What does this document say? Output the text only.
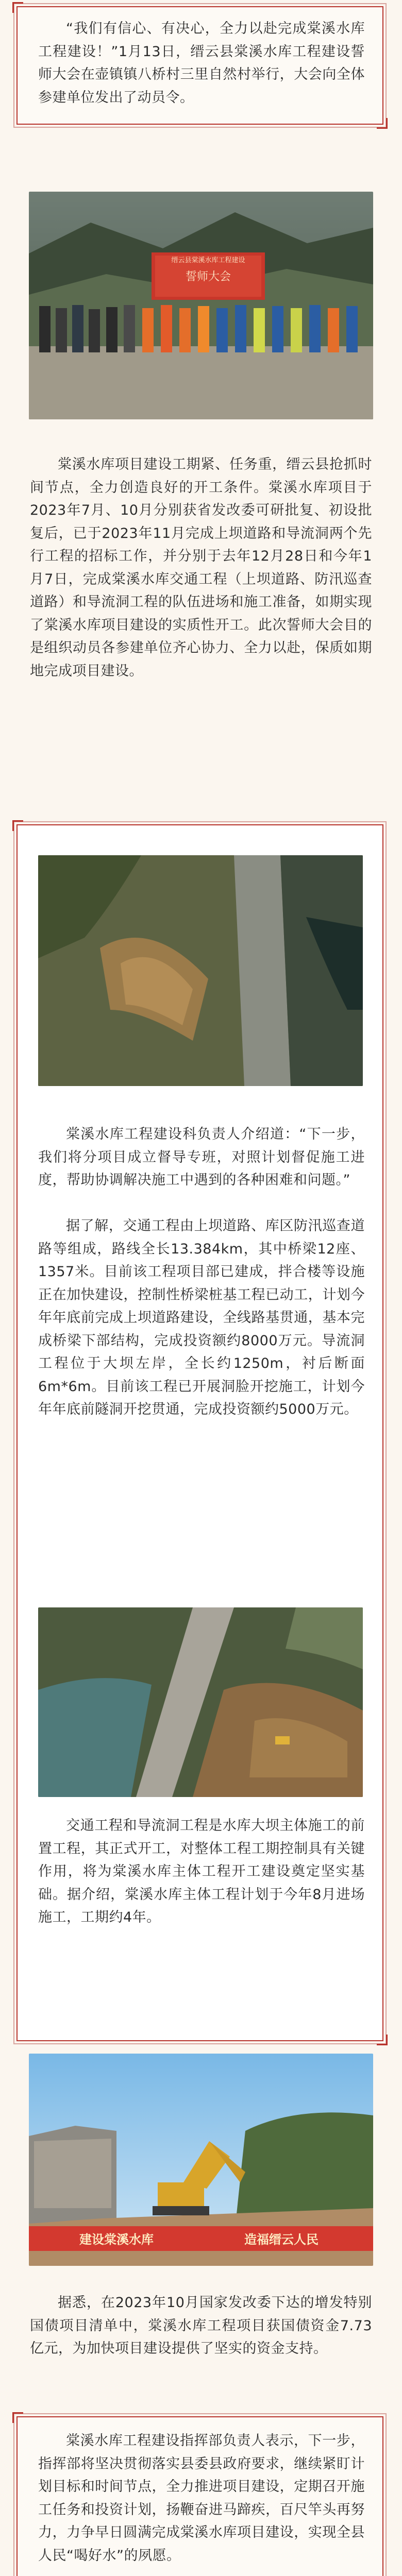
“我们有信心、有决心，全力以赴完成棠溪水库工程建设！”1月13日，缙云县棠溪水库工程建设誓师大会在壶镇镇八桥村三里自然村举行，大会向全体参建单位发出了动员令。
缙云县棠溪水库工程建设
誓师大会
棠溪水库项目建设工期紧、任务重，缙云县抢抓时间节点，全力创造良好的开工条件。棠溪水库项目于2023年7月、10月分别获省发改委可研批复、初设批复后，已于2023年11月完成上坝道路和导流洞两个先行工程的招标工作，并分别于去年12月28日和今年1月7日，完成棠溪水库交通工程（上坝道路、防汛巡查道路）和导流洞工程的队伍进场和施工准备，如期实现了棠溪水库项目建设的实质性开工。此次誓师大会目的是组织动员各参建单位齐心协力、全力以赴，保质如期地完成项目建设。
棠溪水库工程建设科负责人介绍道：“下一步，我们将分项目成立督导专班，对照计划督促施工进度，帮助协调解决施工中遇到的各种困难和问题。”
据了解，交通工程由上坝道路、库区防汛巡查道路等组成，路线全长13.384km，其中桥梁12座、1357米。目前该工程项目部已建成，拌合楼等设施正在加快建设，控制性桥梁桩基工程已动工，计划今年年底前完成上坝道路建设，全线路基贯通，基本完成桥梁下部结构，完成投资额约8000万元。导流洞工程位于大坝左岸，全长约1250m，衬后断面6m*6m。目前该工程已开展洞脸开挖施工，计划今年年底前隧洞开挖贯通，完成投资额约5000万元。
交通工程和导流洞工程是水库大坝主体施工的前置工程，其正式开工，对整体工程工期控制具有关键作用，将为棠溪水库主体工程开工建设奠定坚实基础。据介绍，棠溪水库主体工程计划于今年8月进场施工，工期约4年。
建设棠溪水库	造福缙云人民
据悉，在2023年10月国家发改委下达的增发特别国债项目清单中，棠溪水库工程项目获国债资金7.73亿元，为加快项目建设提供了坚实的资金支持。
棠溪水库工程建设指挥部负责人表示，下一步，指挥部将坚决贯彻落实县委县政府要求，继续紧盯计划目标和时间节点，全力推进项目建设，定期召开施工任务和投资计划，扬鞭奋进马蹄疾，百尺竿头再努力，力争早日圆满完成棠溪水库项目建设，实现全县人民“喝好水”的夙愿。
